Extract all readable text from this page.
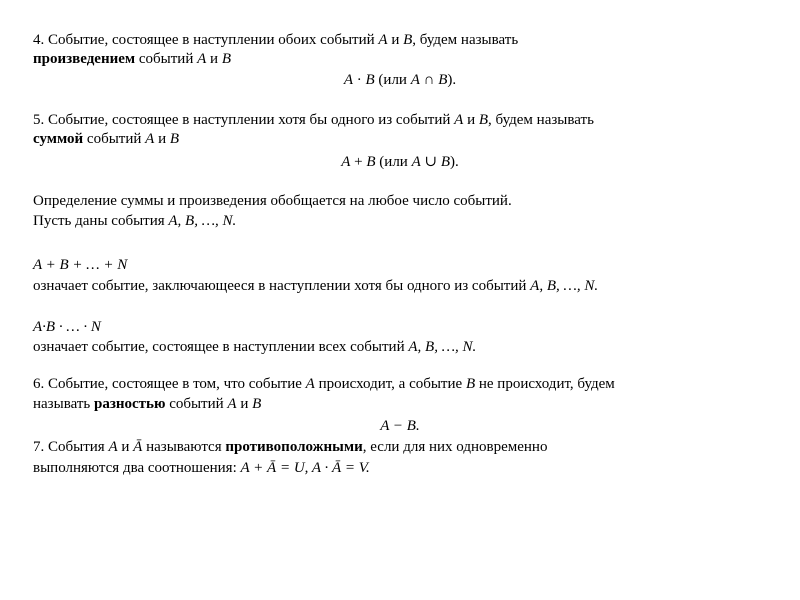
4. Событие, состоящее в наступлении обоих событий A и B, будем называть
произведением событий A и B
A · B (или A ∩ B).
5. Событие, состоящее в наступлении хотя бы одного из событий A и B, будем называть
суммой событий A и B
A + B (или A ∪ B).
Определение суммы и произведения обобщается на любое число событий.
Пусть даны события A, B, …, N.
A + B + … + N
означает событие, заключающееся в наступлении хотя бы одного из событий A, B, …, N.
A·B · … · N
означает событие, состоящее в наступлении всех событий A, B, …, N.
6. Событие, состоящее в том, что событие A происходит, а событие B не происходит, будем
называть разностью событий A и B
A − B.
7. События A и Ā называются противоположными, если для них одновременно
выполняются два соотношения: A + Ā = U, A · Ā = V.
